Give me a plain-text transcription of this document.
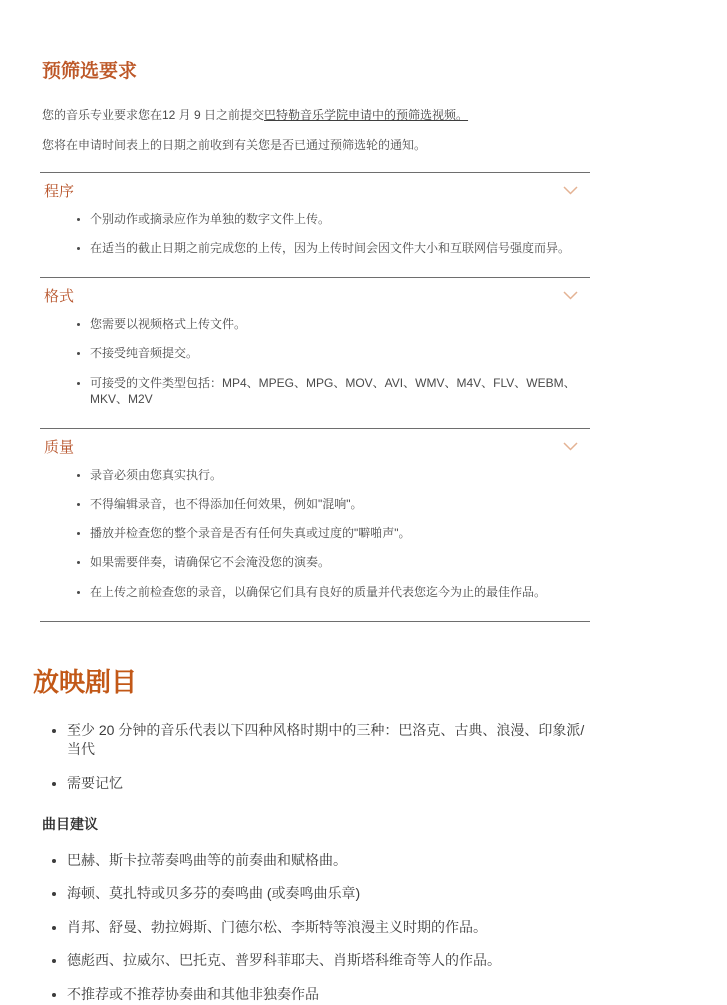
预筛选要求

您的音乐专业要求您在12 月 9 日之前提交巴特勒音乐学院申请中的预筛选视频。

您将在申请时间表上的日期之前收到有关您是否已通过预筛选轮的通知。

程序
• 个别动作或摘录应作为单独的数字文件上传。
• 在适当的截止日期之前完成您的上传，因为上传时间会因文件大小和互联网信号强度而异。
格式
• 您需要以视频格式上传文件。
• 不接受纯音频提交。
• 可接受的文件类型包括：MP4、MPEG、MPG、MOV、AVI、WMV、M4V、FLV、WEBM、MKV、M2V
质量
• 录音必须由您真实执行。
• 不得编辑录音，也不得添加任何效果，例如"混响"。
• 播放并检查您的整个录音是否有任何失真或过度的"噼啪声"。
• 如果需要伴奏，请确保它不会淹没您的演奏。
• 在上传之前检查您的录音，以确保它们具有良好的质量并代表您迄今为止的最佳作品。
放映剧目
• 至少 20 分钟的音乐代表以下四种风格时期中的三种：巴洛克、古典、浪漫、印象派/当代
• 需要记忆
曲目建议
• 巴赫、斯卡拉蒂奏鸣曲等的前奏曲和赋格曲。
• 海顿、莫扎特或贝多芬的奏鸣曲 (或奏鸣曲乐章)
• 肖邦、舒曼、勃拉姆斯、门德尔松、李斯特等浪漫主义时期的作品。
• 德彪西、拉威尔、巴托克、普罗科菲耶夫、肖斯塔科维奇等人的作品。
• 不推荐或不推荐协奏曲和其他非独奏作品
